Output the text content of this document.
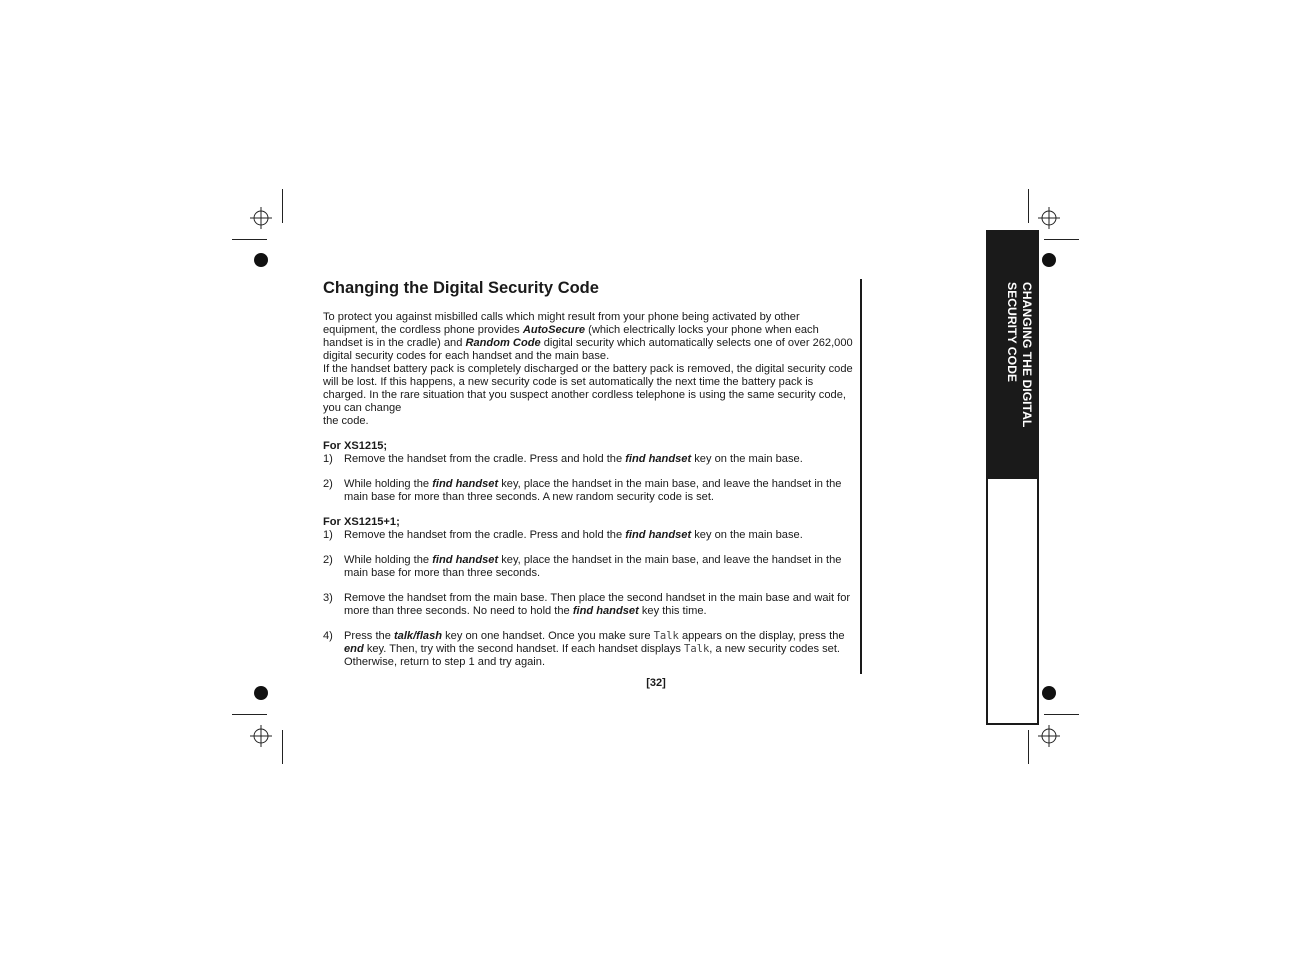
Changing the Digital Security Code

To protect you against misbilled calls which might result from your phone being activated by other equipment, the cordless phone provides AutoSecure (which electrically locks your phone when each handset is in the cradle) and Random Code digital security which automatically selects one of over 262,000 digital security codes for each handset and the main base.

If the handset battery pack is completely discharged or the battery pack is removed, the digital security code will be lost. If this happens, a new security code is set automatically the next time the battery pack is charged. In the rare situation that you suspect another cordless telephone is using the same security code, you can change

the code.

For XS1215;

1) Remove the handset from the cradle. Press and hold the find handset key on the main base.
2) While holding the find handset key, place the handset in the main base, and leave the handset in the main base for more than three seconds. A new random security code is set.

For XS1215+1;

1) Remove the handset from the cradle. Press and hold the find handset key on the main base.
2) While holding the find handset key, place the handset in the main base, and leave the handset in the main base for more than three seconds.
3) Remove the handset from the main base. Then place the second handset in the main base and wait for more than three seconds. No need to hold the find handset key this time.
4) Press the talk/flash key on one handset. Once you make sure Talk appears on the display, press the end key. Then, try with the second handset. If each handset displays Talk, a new security codes set. Otherwise, return to step 1 and try again.
[32]
CHANGING THE DIGITAL SECURITY CODE
